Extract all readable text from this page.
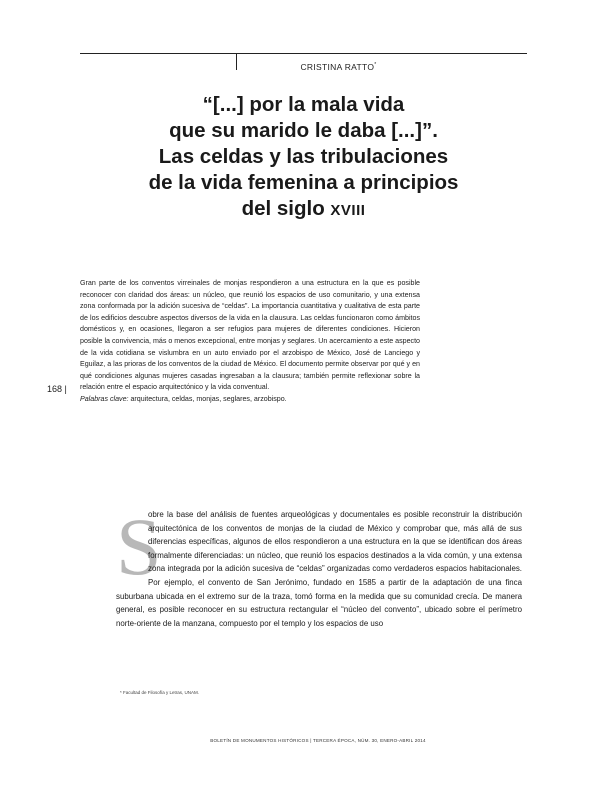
CRISTINA RATTO*
“[...] por la mala vida
que su marido le daba [...]”.
Las celdas y las tribulaciones
de la vida femenina a principios
del siglo XVIII
Gran parte de los conventos virreinales de monjas respondieron a una estructura en la que es posible reconocer con claridad dos áreas: un núcleo, que reunió los espacios de uso comunitario, y una extensa zona conformada por la adición sucesiva de “celdas”. La importancia cuantitativa y cualitativa de esta parte de los edificios descubre aspectos diversos de la vida en la clausura. Las celdas funcionaron como ámbitos domésticos y, en ocasiones, llegaron a ser refugios para mujeres de diferentes condiciones. Hicieron posible la convivencia, más o menos excepcional, entre monjas y seglares. Un acercamiento a este aspecto de la vida cotidiana se vislumbra en un auto enviado por el arzobispo de México, José de Lanciego y Eguilaz, a las prioras de los conventos de la ciudad de México. El documento permite observar por qué y en qué condiciones algunas mujeres casadas ingresaban a la clausura; también permite reflexionar sobre la relación entre el espacio arquitectónico y la vida conventual.
Palabras clave: arquitectura, celdas, monjas, seglares, arzobispo.
168 |
S
obre la base del análisis de fuentes arqueológicas y documentales es posible reconstruir la distribución arquitectónica de los conventos de monjas de la ciudad de México y comprobar que, más allá de sus diferencias específicas, algunos de ellos respondieron a una estructura en la que se identifican dos áreas formalmente diferenciadas: un núcleo, que reunió los espacios destinados a la vida común, y una extensa zona integrada por la adición sucesiva de “celdas” organizadas como verdaderos espacios habitacionales. Por ejemplo, el convento de San Jerónimo, fundado en 1585 a partir de la adaptación de una finca suburbana ubicada en el extremo sur de la traza, tomó forma en la medida que su comunidad crecía. De manera general, es posible reconocer en su estructura rectangular el “núcleo del convento”, ubicado sobre el perímetro norte-oriente de la manzana, compuesto por el templo y los espacios de uso
* Facultad de Filosofía y Letras, UNAM.
BOLETÍN DE MONUMENTOS HISTÓRICOS | TERCERA ÉPOCA, NÚM. 30, ENERO-ABRIL 2014
